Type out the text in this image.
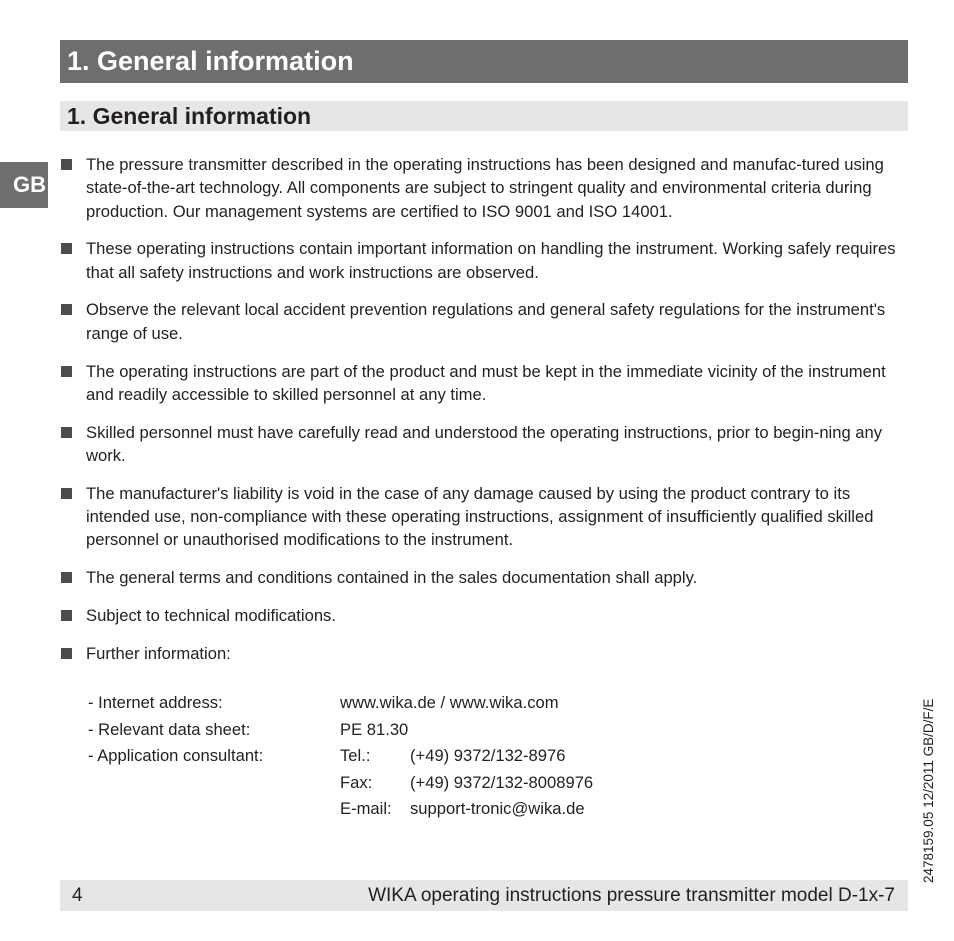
1. General information
1. General information
GB
The pressure transmitter described in the operating instructions has been designed and manufac-tured using state-of-the-art technology. All components are subject to stringent quality and environmental criteria during production. Our management systems are certified to ISO 9001 and ISO 14001.
These operating instructions contain important information on handling the instrument. Working safely requires that all safety instructions and work instructions are observed.
Observe the relevant local accident prevention regulations and general safety regulations for the instrument's range of use.
The operating instructions are part of the product and must be kept in the immediate vicinity of the instrument and readily accessible to skilled personnel at any time.
Skilled personnel must have carefully read and understood the operating instructions, prior to begin-ning any work.
The manufacturer's liability is void in the case of any damage caused by using the product contrary to its intended use, non-compliance with these operating instructions, assignment of insufficiently qualified skilled personnel or unauthorised modifications to the instrument.
The general terms and conditions contained in the sales documentation shall apply.
Subject to technical modifications.
Further information:
- Internet address:	www.wika.de / www.wika.com	
- Relevant data sheet:	PE 81.30	
- Application consultant:	Tel.:	(+49) 9372/132-8976
	Fax:	(+49) 9372/132-8008976
	E-mail:	support-tronic@wika.de	2478159.05 12/2011 GB/D/F/E
4	WIKA operating instructions pressure transmitter model D-1x-7
